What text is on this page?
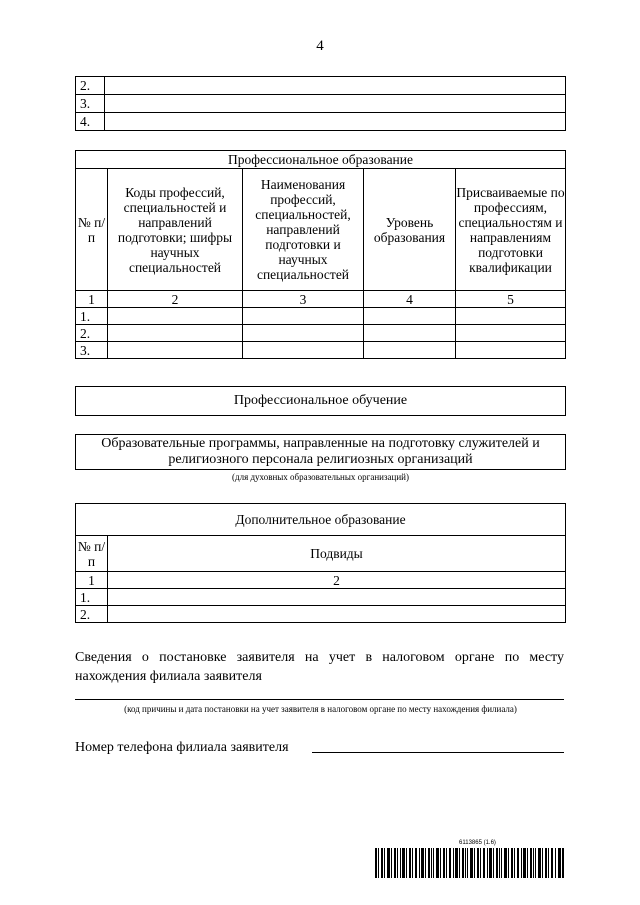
4
2.	
3.	
4.	
Профессиональное образование				
№ п/п	Коды профессий, специальностей и направлений подготовки; шифры научных специальностей	Наименования профессий, специальностей, направлений подготовки и научных специальностей	Уровень образования	Присваиваемые по профессиям, специальностям и направлениям подготовки квалификации
1	2	3	4	5
1.				
2.				
3.				
Профессиональное обучение
Образовательные программы, направленные на подготовку служителей и религиозного персонала религиозных организаций
(для духовных образовательных организаций)
Дополнительное образование	
№ п/п	Подвиды
1	2
1.	
2.	
Сведения о постановке заявителя на учет в налоговом органе по месту нахождения филиала заявителя
(код причины и дата постановки на учет заявителя в налоговом органе по месту нахождения филиала)
Номер телефона филиала заявителя
6113865 (1.6)
